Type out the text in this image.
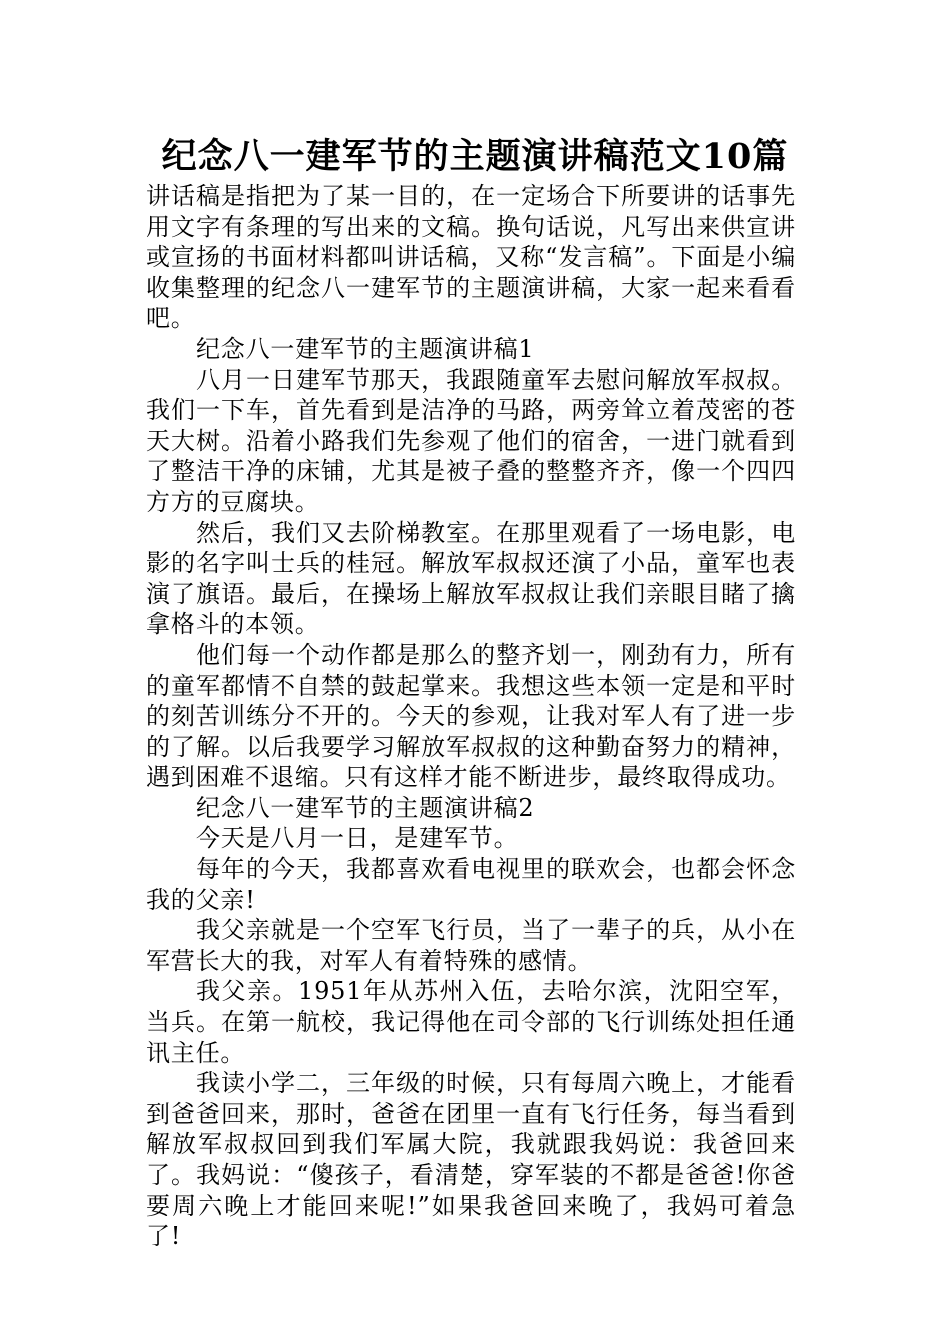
纪念八一建军节的主题演讲稿范文10篇

讲话稿是指把为了某一目的，在一定场合下所要讲的话事先用文字有条理的写出来的文稿。换句话说，凡写出来供宣讲或宣扬的书面材料都叫讲话稿，又称“发言稿”。下面是小编收集整理的纪念八一建军节的主题演讲稿，大家一起来看看吧。

纪念八一建军节的主题演讲稿1

八月一日建军节那天，我跟随童军去慰问解放军叔叔。我们一下车，首先看到是洁净的马路，两旁耸立着茂密的苍天大树。沿着小路我们先参观了他们的宿舍，一进门就看到了整洁干净的床铺，尤其是被子叠的整整齐齐，像一个四四方方的豆腐块。

然后，我们又去阶梯教室。在那里观看了一场电影，电影的名字叫士兵的桂冠。解放军叔叔还演了小品，童军也表演了旗语。最后，在操场上解放军叔叔让我们亲眼目睹了擒拿格斗的本领。

他们每一个动作都是那么的整齐划一，刚劲有力，所有的童军都情不自禁的鼓起掌来。我想这些本领一定是和平时的刻苦训练分不开的。今天的参观，让我对军人有了进一步的了解。以后我要学习解放军叔叔的这种勤奋努力的精神，遇到困难不退缩。只有这样才能不断进步，最终取得成功。

纪念八一建军节的主题演讲稿2

今天是八月一日，是建军节。

每年的今天，我都喜欢看电视里的联欢会，也都会怀念我的父亲!

我父亲就是一个空军飞行员，当了一辈子的兵，从小在军营长大的我，对军人有着特殊的感情。

我父亲。1951年从苏州入伍，去哈尔滨，沈阳空军，当兵。在第一航校，我记得他在司令部的飞行训练处担任通讯主任。

我读小学二，三年级的时候，只有每周六晚上，才能看到爸爸回来，那时，爸爸在团里一直有飞行任务，每当看到解放军叔叔回到我们军属大院，我就跟我妈说：我爸回来了。我妈说：“傻孩子，看清楚，穿军装的不都是爸爸!你爸要周六晚上才能回来呢!”如果我爸回来晚了，我妈可着急了!
